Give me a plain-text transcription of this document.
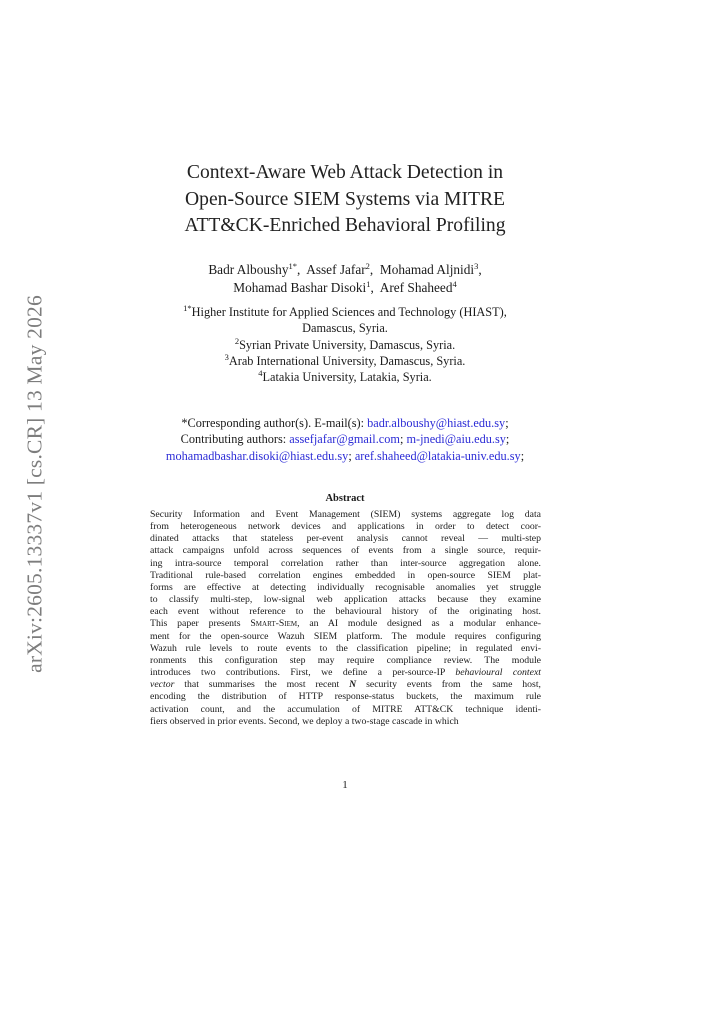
arXiv:2605.13337v1 [cs.CR] 13 May 2026
Context-Aware Web Attack Detection in
Open-Source SIEM Systems via MITRE
ATT&CK-Enriched Behavioral Profiling
Badr Alboushy$^{1*}$,  Assef Jafar$^2$,  Mohamad Aljnidi$^3$,
Mohamad Bashar Disoki$^1$,  Aref Shaheed$^4$
$^{1*}$Higher Institute for Applied Sciences and Technology (HIAST),
Damascus, Syria.
$^2$Syrian Private University, Damascus, Syria.
$^3$Arab International University, Damascus, Syria.
$^4$Latakia University, Latakia, Syria.
*Corresponding author(s). E-mail(s): badr.alboushy@hiast.edu.sy;
Contributing authors: assefjafar@gmail.com; m-jnedi@aiu.edu.sy;
mohamadbashar.disoki@hiast.edu.sy; aref.shaheed@latakia-univ.edu.sy;
Abstract
Security Information and Event Management (SIEM) systems aggregate log data
from heterogeneous network devices and applications in order to detect coor-
dinated attacks that stateless per-event analysis cannot reveal — multi-step
attack campaigns unfold across sequences of events from a single source, requir-
ing intra-source temporal correlation rather than inter-source aggregation alone.
Traditional rule-based correlation engines embedded in open-source SIEM plat-
forms are effective at detecting individually recognisable anomalies yet struggle
to classify multi-step, low-signal web application attacks because they examine
each event without reference to the behavioural history of the originating host.
This paper presents Smart-Siem, an AI module designed as a modular enhance-
ment for the open-source Wazuh SIEM platform. The module requires configuring
Wazuh rule levels to route events to the classification pipeline; in regulated envi-
ronments this configuration step may require compliance review. The module
introduces two contributions. First, we define a per-source-IP behavioural context
vector that summarises the most recent N security events from the same host,
encoding the distribution of HTTP response-status buckets, the maximum rule
activation count, and the accumulation of MITRE ATT&CK technique identi-
fiers observed in prior events. Second, we deploy a two-stage cascade in which
1
